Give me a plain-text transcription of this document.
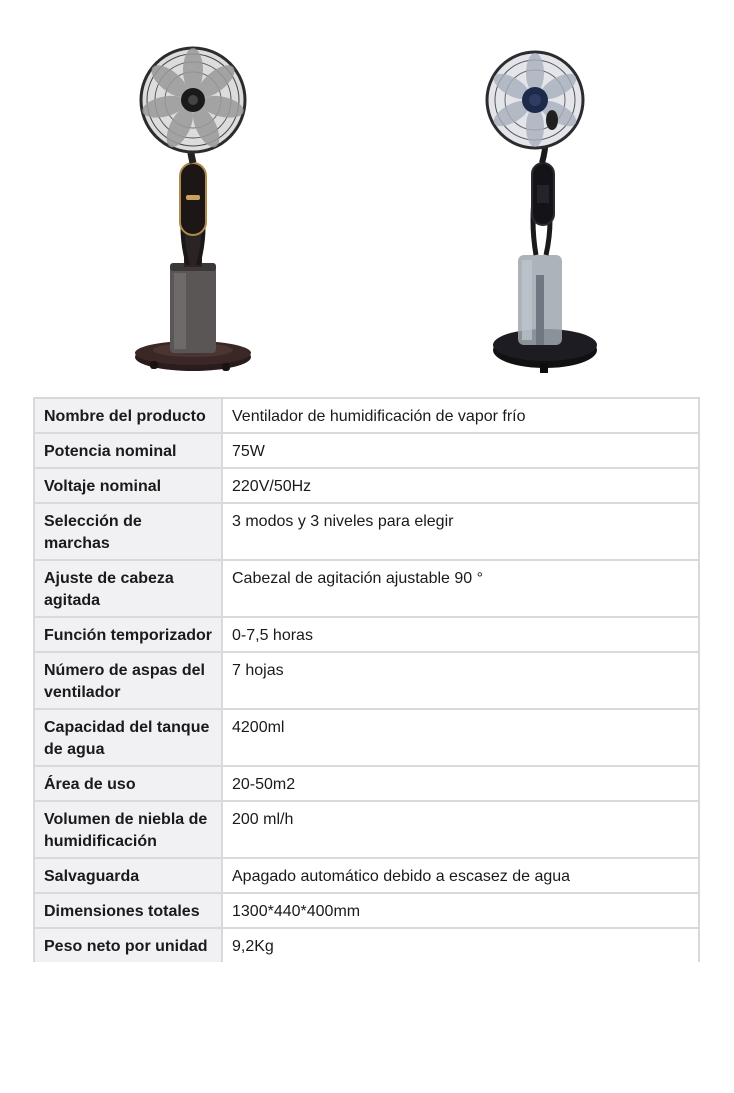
Nombre del producto	Ventilador de humidificación de vapor frío
Potencia nominal	75W
Voltaje nominal	220V/50Hz
Selección de marchas	3 modos y 3 niveles para elegir
Ajuste de cabeza agitada	Cabezal de agitación ajustable 90 °
Función temporizador	0-7,5 horas
Número de aspas del ventilador	7 hojas
Capacidad del tanque de agua	4200ml
Área de uso	20-50m2
Volumen de niebla de humidificación	200 ml/h
Salvaguarda	Apagado automático debido a escasez de agua
Dimensiones totales	1300*440*400mm
Peso neto por unidad	9,2Kg
